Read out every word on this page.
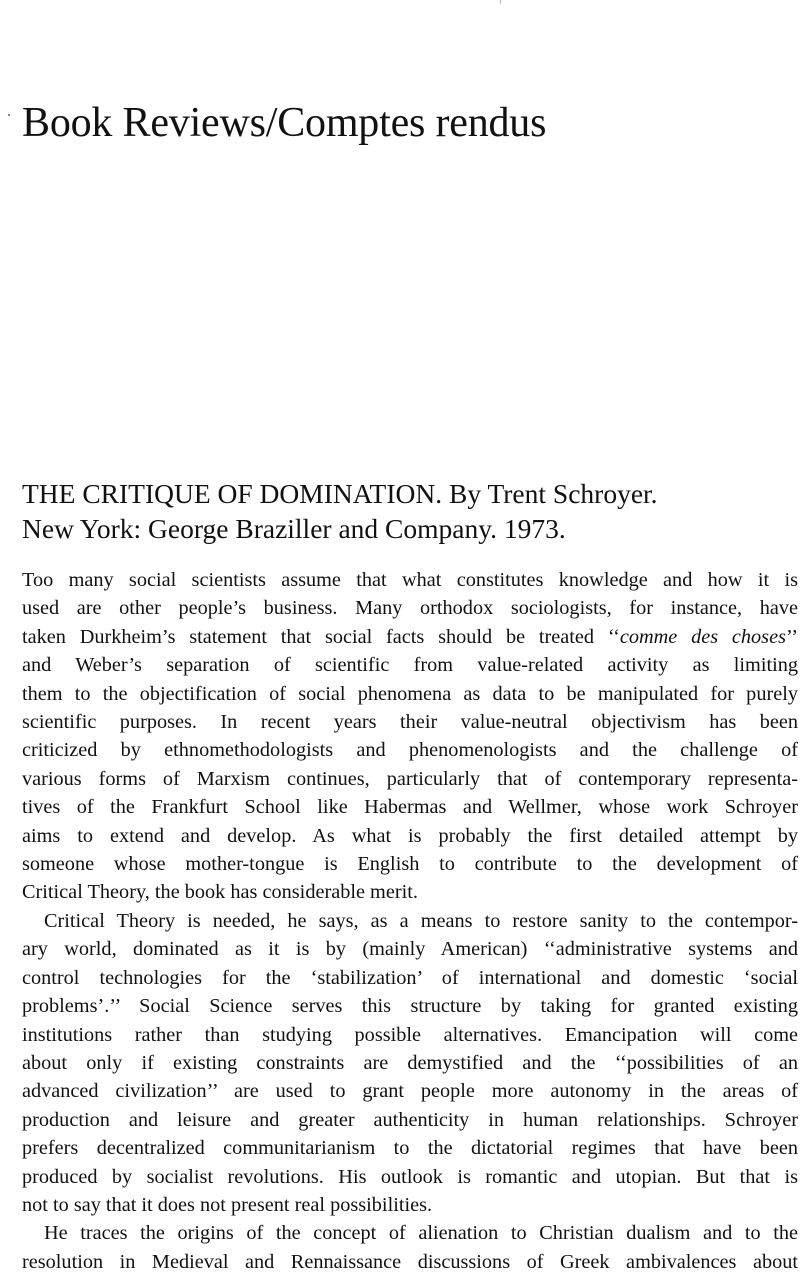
Book Reviews/Comptes rendus
THE CRITIQUE OF DOMINATION. By Trent Schroyer.
New York: George Braziller and Company. 1973.

Too many social scientists assume that what constitutes knowledge and how it is
used are other people’s business. Many orthodox sociologists, for instance, have
taken Durkheim’s statement that social facts should be treated ‘‘comme des choses’’
and Weber’s separation of scientific from value-related activity as limiting
them to the objectification of social phenomena as data to be manipulated for purely
scientific purposes. In recent years their value-neutral objectivism has been
criticized by ethnomethodologists and phenomenologists and the challenge of
various forms of Marxism continues, particularly that of contemporary representa-
tives of the Frankfurt School like Habermas and Wellmer, whose work Schroyer
aims to extend and develop. As what is probably the first detailed attempt by
someone whose mother-tongue is English to contribute to the development of
Critical Theory, the book has considerable merit.

Critical Theory is needed, he says, as a means to restore sanity to the contempor-
ary world, dominated as it is by (mainly American) ‘‘administrative systems and
control technologies for the ‘stabilization’ of international and domestic ‘social
problems’.’’ Social Science serves this structure by taking for granted existing
institutions rather than studying possible alternatives. Emancipation will come
about only if existing constraints are demystified and the ‘‘possibilities of an
advanced civilization’’ are used to grant people more autonomy in the areas of
production and leisure and greater authenticity in human relationships. Schroyer
prefers decentralized communitarianism to the dictatorial regimes that have been
produced by socialist revolutions. His outlook is romantic and utopian. But that is
not to say that it does not present real possibilities.

He traces the origins of the concept of alienation to Christian dualism and to the
resolution in Medieval and Rennaissance discussions of Greek ambivalences about
